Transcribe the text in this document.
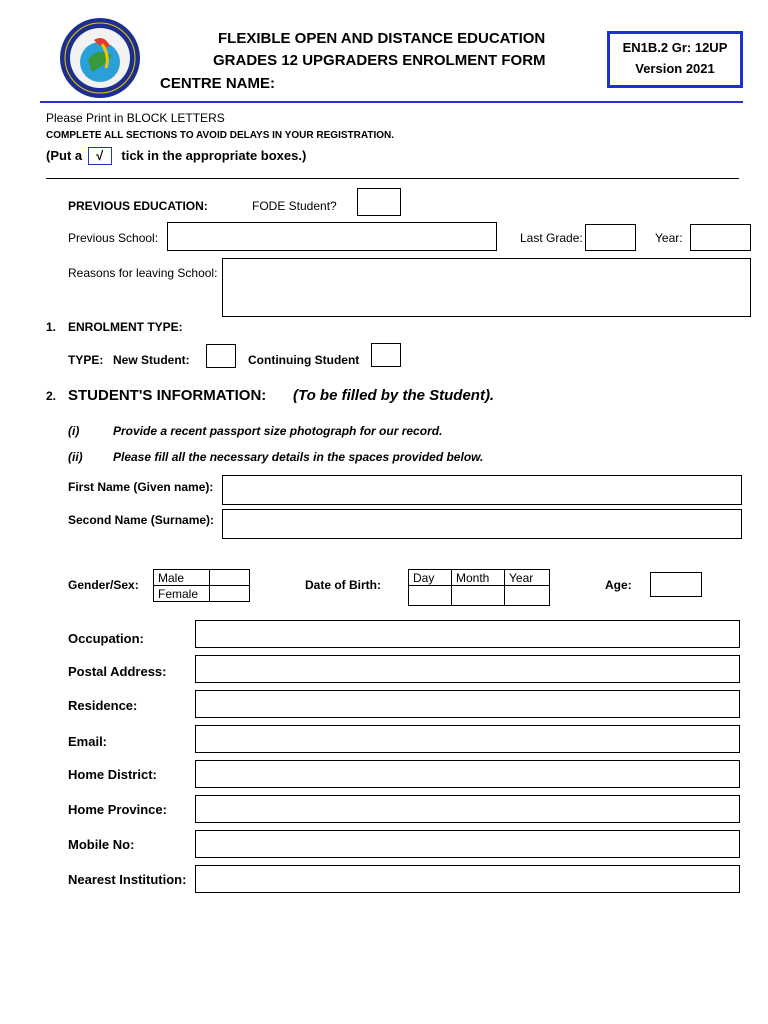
FLEXIBLE OPEN AND DISTANCE EDUCATION
GRADES 12 UPGRADERS ENROLMENT FORM
CENTRE NAME:
EN1B.2 Gr: 12UP
Version 2021
Please Print in BLOCK LETTERS
COMPLETE ALL SECTIONS TO AVOID DELAYS IN YOUR REGISTRATION.
(Put a √ tick in the appropriate boxes.)
PREVIOUS EDUCATION:	FODE Student?
Previous School:	Last Grade:	Year:
Reasons for leaving School:
1. ENROLMENT TYPE:
TYPE: New Student:	Continuing Student
2. STUDENT'S INFORMATION: (To be filled by the Student).
(i)	Provide a recent passport size photograph for our record.
(ii)	Please fill all the necessary details in the spaces provided below.
First Name (Given name):
Second Name (Surname):
Gender/Sex:
Male	
Female	
Date of Birth:
Day	Month	Year

Age:
Occupation:
Postal Address:
Residence:
Email:
Home District:
Home Province:
Mobile No:
Nearest Institution:
